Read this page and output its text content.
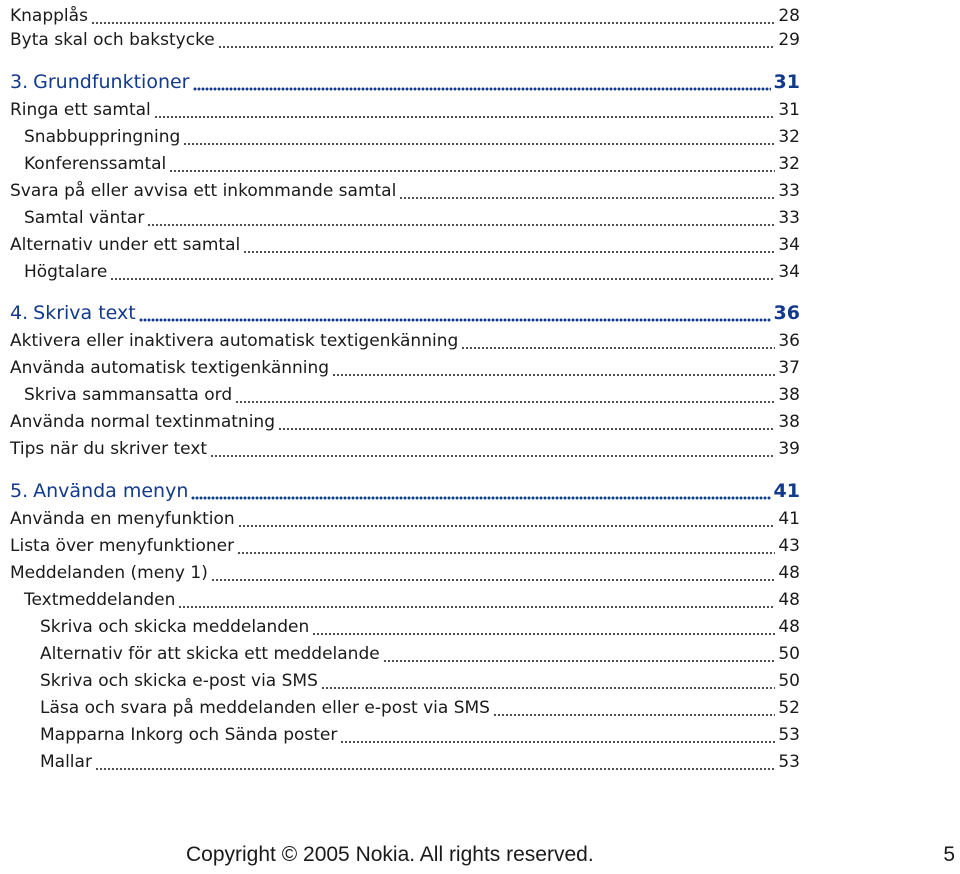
Knapplås	28
Byta skal och bakstycke	29
3. Grundfunktioner	31
Ringa ett samtal	31
Snabbuppringning	32
Konferenssamtal	32
Svara på eller avvisa ett inkommande samtal	33
Samtal väntar	33
Alternativ under ett samtal	34
Högtalare	34
4. Skriva text	36
Aktivera eller inaktivera automatisk textigenkänning	36
Använda automatisk textigenkänning	37
Skriva sammansatta ord	38
Använda normal textinmatning	38
Tips när du skriver text	39
5. Använda menyn	41
Använda en menyfunktion	41
Lista över menyfunktioner	43
Meddelanden (meny 1)	48
Textmeddelanden	48
Skriva och skicka meddelanden	48
Alternativ för att skicka ett meddelande	50
Skriva och skicka e-post via SMS	50
Läsa och svara på meddelanden eller e-post via SMS	52
Mapparna Inkorg och Sända poster	53
Mallar	53
Copyright © 2005 Nokia. All rights reserved.	5
